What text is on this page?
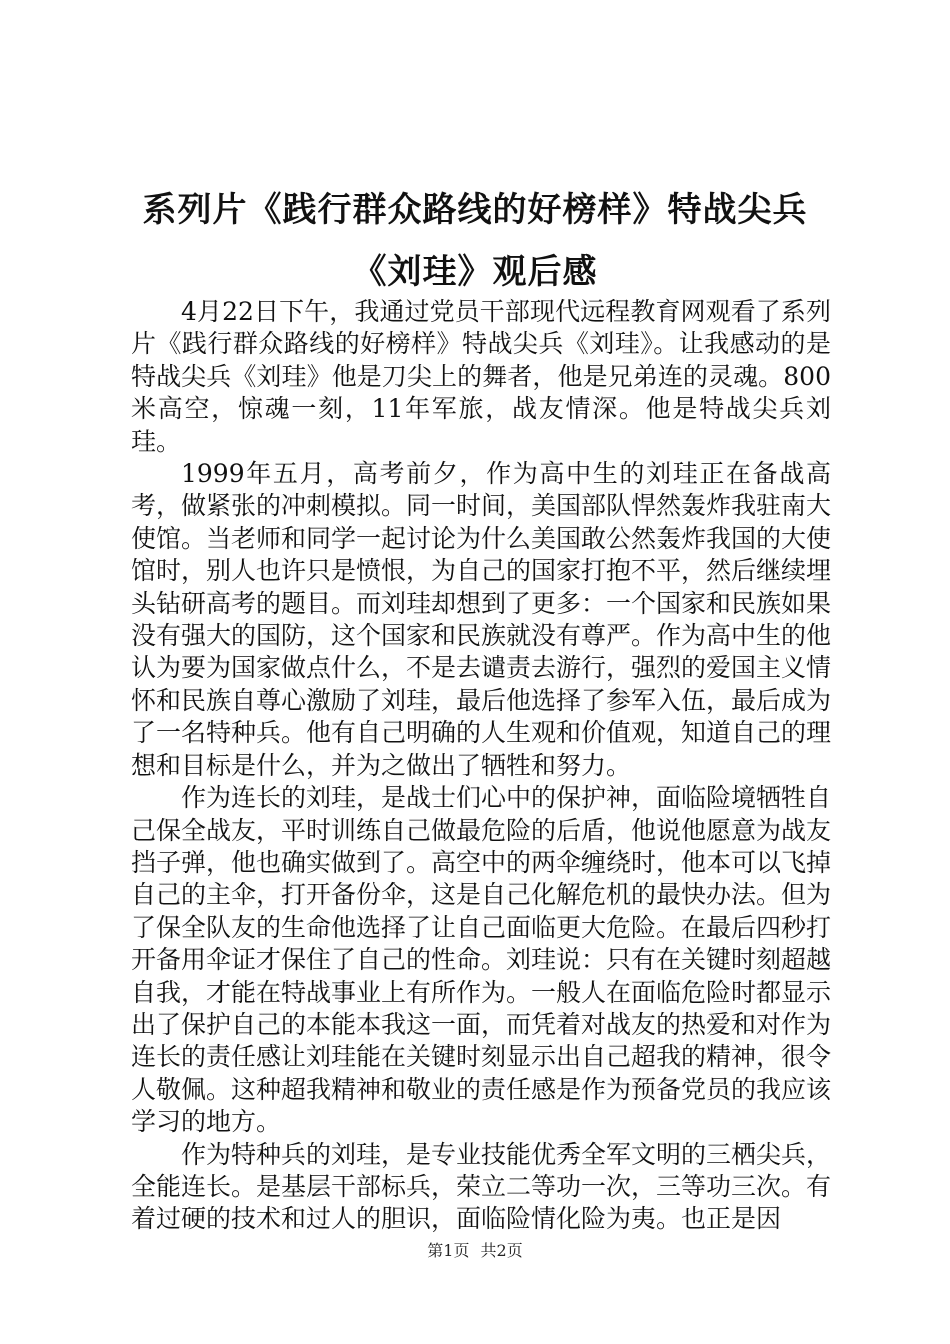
系列片《践行群众路线的好榜样》特战尖兵
《刘珪》观后感

4月22日下午，我通过党员干部现代远程教育网观看了系列片《践行群众路线的好榜样》特战尖兵《刘珪》。让我感动的是特战尖兵《刘珪》他是刀尖上的舞者，他是兄弟连的灵魂。800米高空，惊魂一刻，11年军旅，战友情深。他是特战尖兵刘珪。

1999年五月，高考前夕，作为高中生的刘珪正在备战高考，做紧张的冲刺模拟。同一时间，美国部队悍然轰炸我驻南大使馆。当老师和同学一起讨论为什么美国敢公然轰炸我国的大使馆时，别人也许只是愤恨，为自己的国家打抱不平，然后继续埋头钻研高考的题目。而刘珪却想到了更多：一个国家和民族如果没有强大的国防，这个国家和民族就没有尊严。作为高中生的他认为要为国家做点什么，不是去谴责去游行，强烈的爱国主义情怀和民族自尊心激励了刘珪，最后他选择了参军入伍，最后成为了一名特种兵。他有自己明确的人生观和价值观，知道自己的理想和目标是什么，并为之做出了牺牲和努力。

作为连长的刘珪，是战士们心中的保护神，面临险境牺牲自己保全战友，平时训练自己做最危险的后盾，他说他愿意为战友挡子弹，他也确实做到了。高空中的两伞缠绕时，他本可以飞掉自己的主伞，打开备份伞，这是自己化解危机的最快办法。但为了保全队友的生命他选择了让自己面临更大危险。在最后四秒打开备用伞证才保住了自己的性命。刘珪说：只有在关键时刻超越自我，才能在特战事业上有所作为。一般人在面临危险时都显示出了保护自己的本能本我这一面，而凭着对战友的热爱和对作为连长的责任感让刘珪能在关键时刻显示出自己超我的精神，很令人敬佩。这种超我精神和敬业的责任感是作为预备党员的我应该学习的地方。

作为特种兵的刘珪，是专业技能优秀全军文明的三栖尖兵，全能连长。是基层干部标兵，荣立二等功一次，三等功三次。有着过硬的技术和过人的胆识，面临险情化险为夷。也正是因

第1页 共2页
